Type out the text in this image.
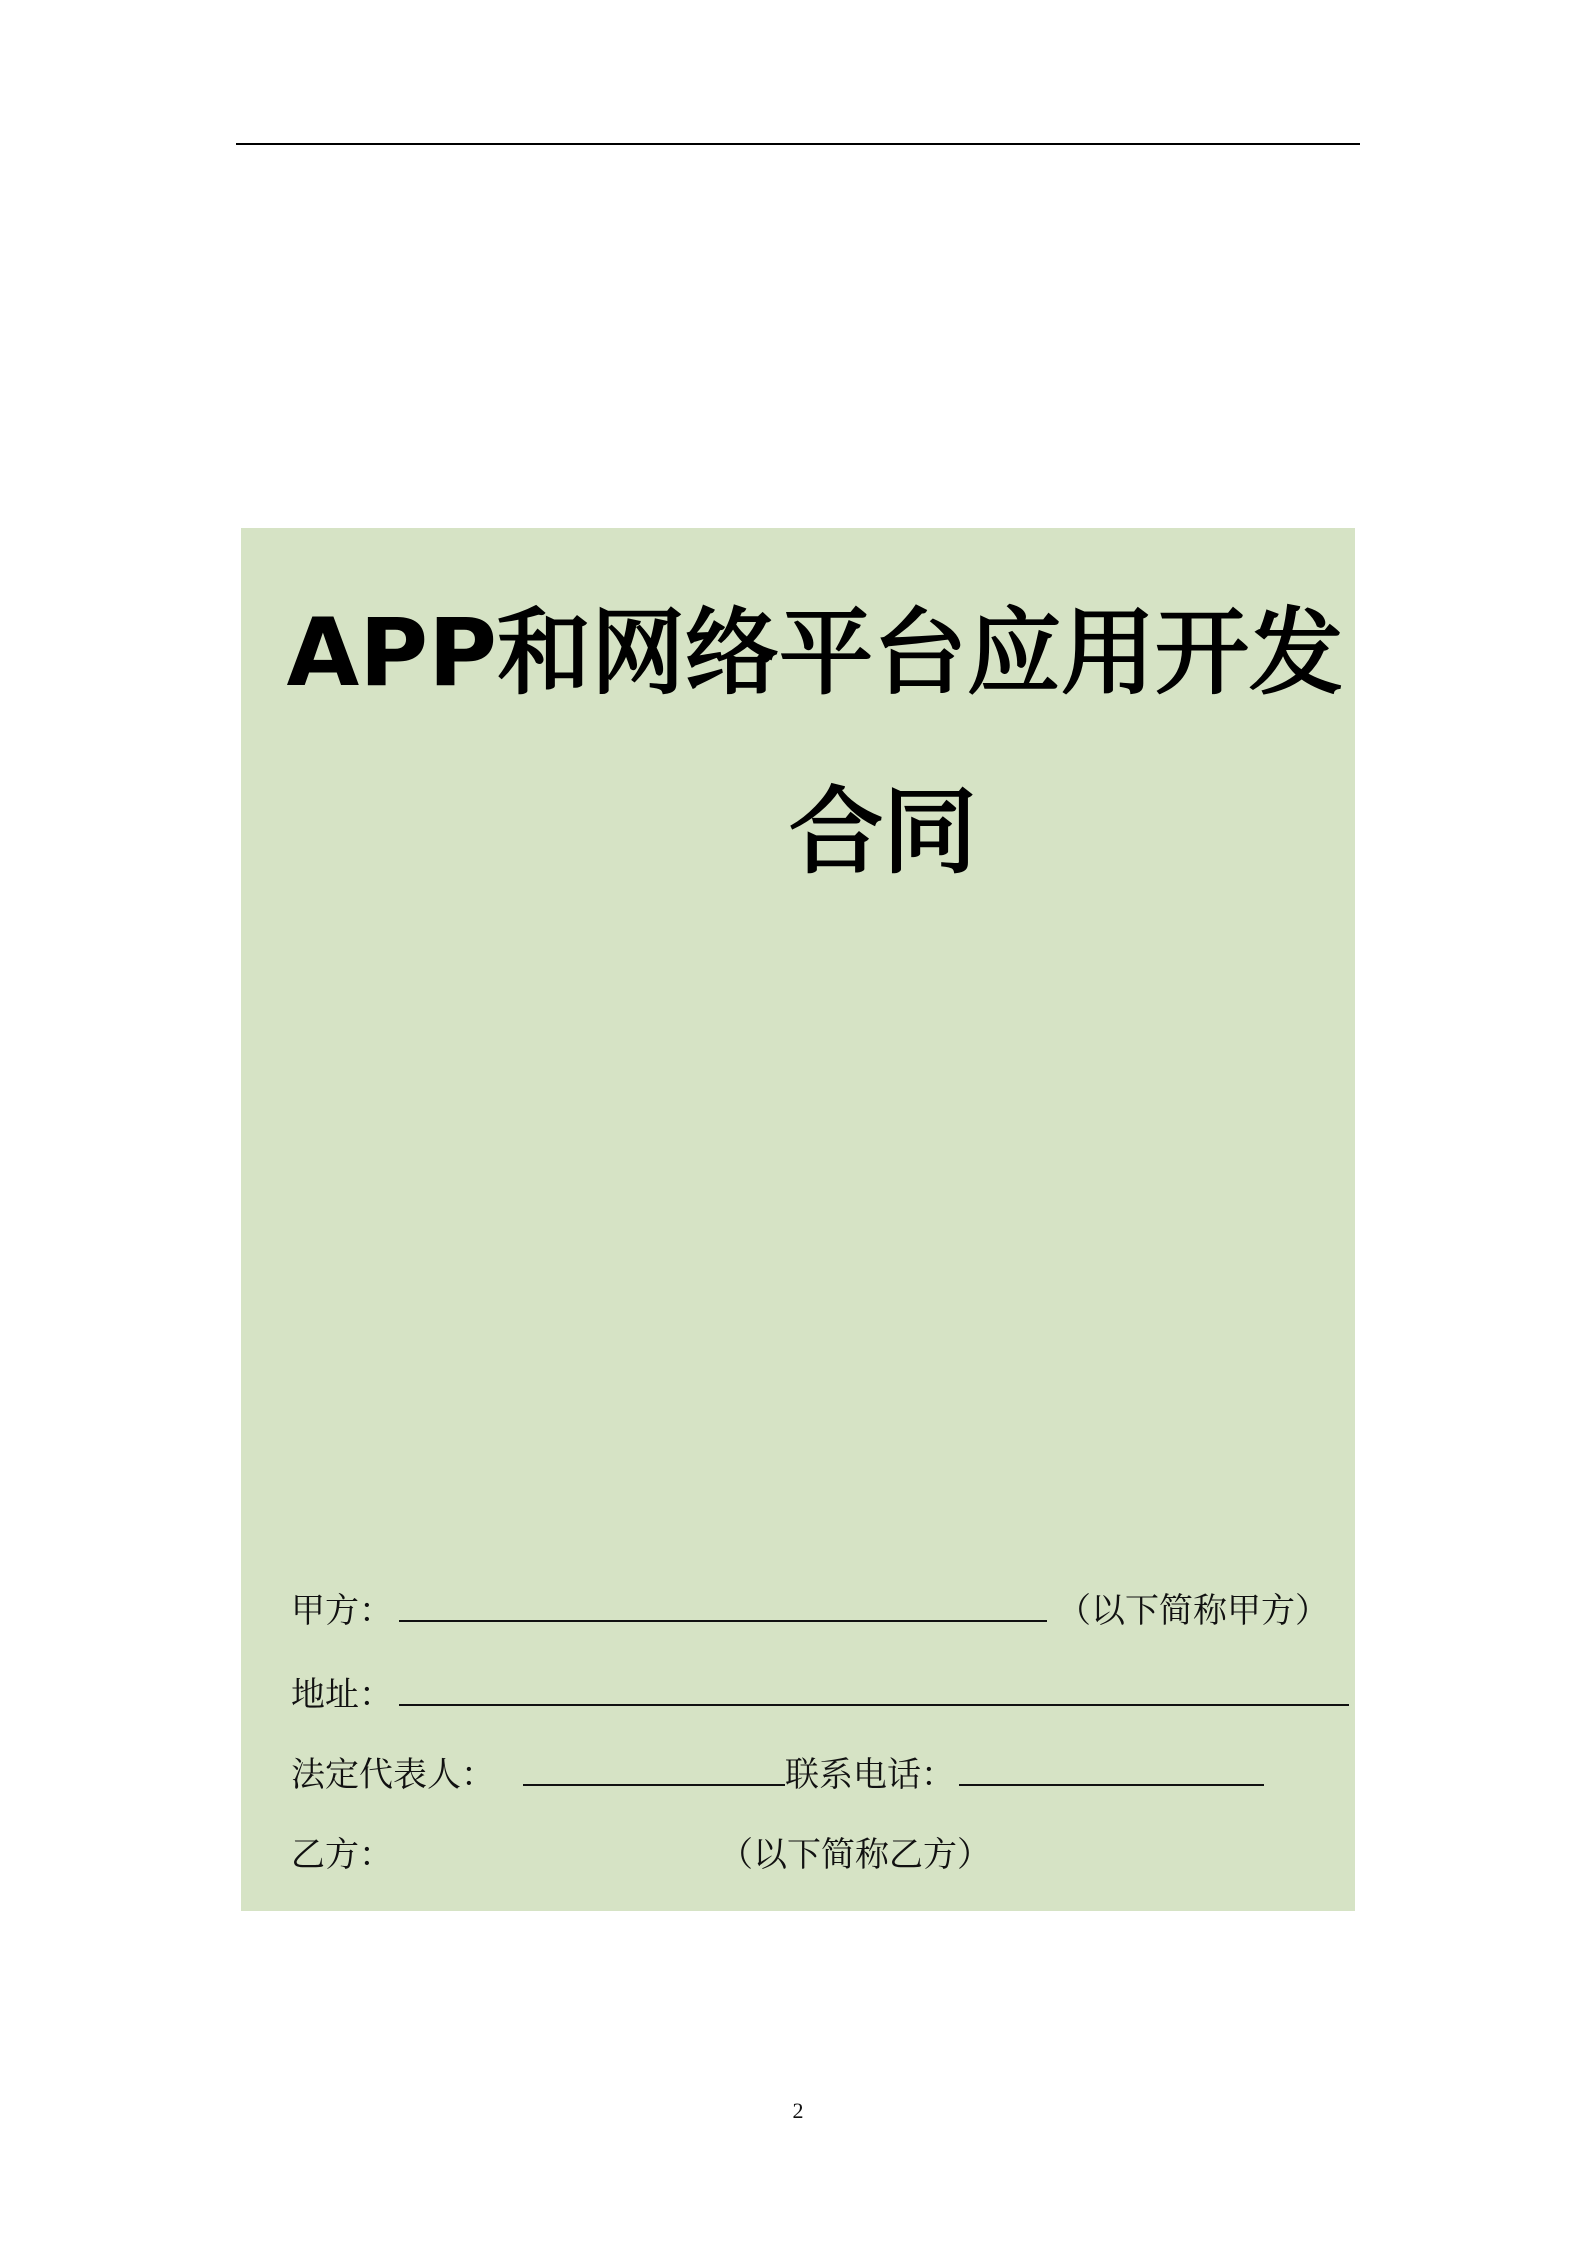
APP和网络平台应用开发
合同
甲方：	（以下简称甲方）
地址：
法定代表人：	联系电话：
乙方：	（以下简称乙方）
2
